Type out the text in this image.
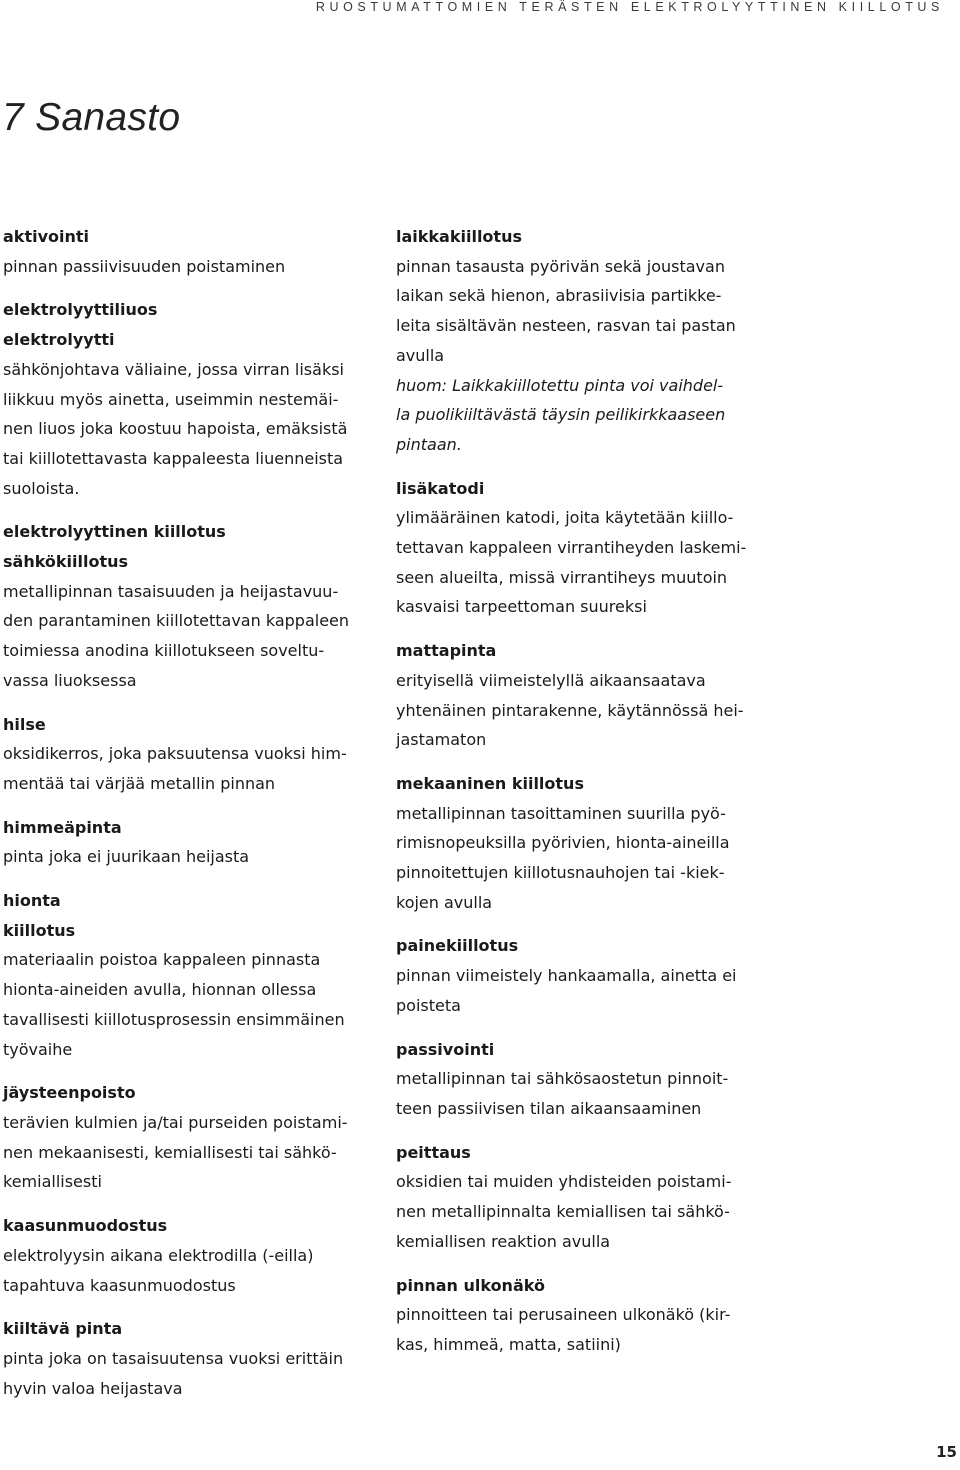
RUOSTUMATTOMIEN TERÄSTEN ELEKTROLYYTTINEN KIILLOTUS
7 Sanasto
aktivointi
pinnan passiivisuuden poistaminen
elektrolyyttiliuos
elektrolyytti
sähkönjohtava väliaine, jossa virran lisäksi
liikkuu myös ainetta, useimmin nestemäi-
nen liuos joka koostuu hapoista, emäksistä
tai kiillotettavasta kappaleesta liuenneista
suoloista.
elektrolyyttinen kiillotus
sähkökiillotus
metallipinnan tasaisuuden ja heijastavuu-
den parantaminen kiillotettavan kappaleen
toimiessa anodina kiillotukseen soveltu-
vassa liuoksessa
hilse
oksidikerros, joka paksuutensa vuoksi him-
mentää tai värjää metallin pinnan
himmeäpinta
pinta joka ei juurikaan heijasta
hionta
kiillotus
materiaalin poistoa kappaleen pinnasta
hionta-aineiden avulla, hionnan ollessa
tavallisesti kiillotusprosessin ensimmäinen
työvaihe
jäysteenpoisto
terävien kulmien ja/tai purseiden poistami-
nen mekaanisesti, kemiallisesti tai sähkö-
kemiallisesti
kaasunmuodostus
elektrolyysin aikana elektrodilla (-eilla)
tapahtuva kaasunmuodostus
kiiltävä pinta
pinta joka on tasaisuutensa vuoksi erittäin
hyvin valoa heijastava
laikkakiillotus
pinnan tasausta pyörivän sekä joustavan
laikan sekä hienon, abrasiivisia partikke-
leita sisältävän nesteen, rasvan tai pastan
avulla
huom: Laikkakiillotettu pinta voi vaihdel-
la puolikiiltävästä täysin peilikirkkaaseen
pintaan.
lisäkatodi
ylimääräinen katodi, joita käytetään kiillo-
tettavan kappaleen virrantiheyden laskemi-
seen alueilta, missä virrantiheys muutoin
kasvaisi tarpeettoman suureksi
mattapinta
erityisellä viimeistelyllä aikaansaatava
yhtenäinen pintarakenne, käytännössä hei-
jastamaton
mekaaninen kiillotus
metallipinnan tasoittaminen suurilla pyö-
rimisnopeuksilla pyörivien, hionta-aineilla
pinnoitettujen kiillotusnauhojen tai -kiek-
kojen avulla
painekiillotus
pinnan viimeistely hankaamalla, ainetta ei
poisteta
passivointi
metallipinnan tai sähkösaostetun pinnoit-
teen passiivisen tilan aikaansaaminen
peittaus
oksidien tai muiden yhdisteiden poistami-
nen metallipinnalta kemiallisen tai sähkö-
kemiallisen reaktion avulla
pinnan ulkonäkö
pinnoitteen tai perusaineen ulkonäkö (kir-
kas, himmeä, matta, satiini)
15
